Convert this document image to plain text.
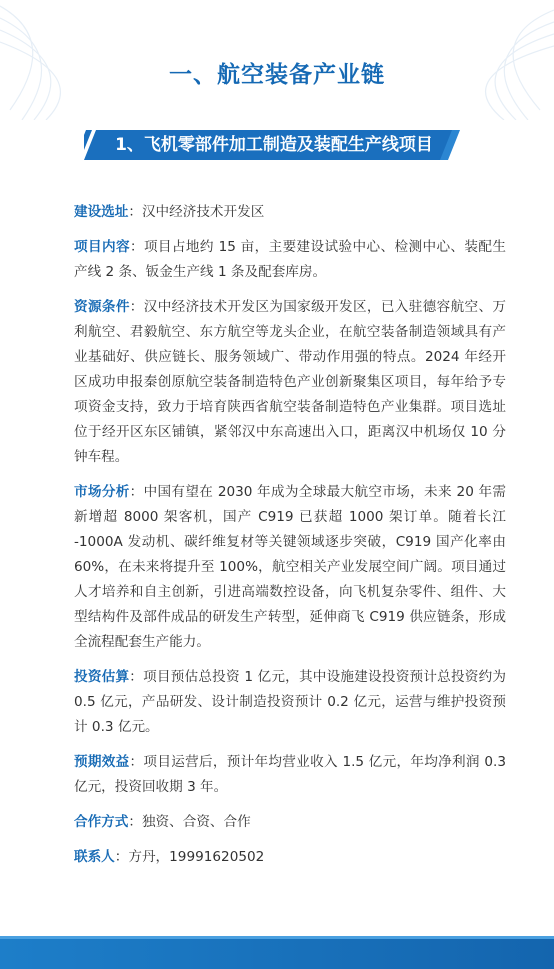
一、航空装备产业链
1、飞机零部件加工制造及装配生产线项目

建设选址：汉中经济技术开发区

项目内容：项目占地约 15 亩，主要建设试验中心、检测中心、装配生产线 2 条、钣金生产线 1 条及配套库房。

资源条件：汉中经济技术开发区为国家级开发区，已入驻德容航空、万利航空、君毅航空、东方航空等龙头企业，在航空装备制造领域具有产业基础好、供应链长、服务领域广、带动作用强的特点。2024 年经开区成功申报秦创原航空装备制造特色产业创新聚集区项目，每年给予专项资金支持，致力于培育陕西省航空装备制造特色产业集群。项目选址位于经开区东区铺镇，紧邻汉中东高速出入口，距离汉中机场仅 10 分钟车程。

市场分析：中国有望在 2030 年成为全球最大航空市场，未来 20 年需新增超 8000 架客机，国产 C919 已获超 1000 架订单。随着长江 -1000A 发动机、碳纤维复材等关键领域逐步突破，C919 国产化率由 60%，在未来将提升至 100%，航空相关产业发展空间广阔。项目通过人才培养和自主创新，引进高端数控设备，向飞机复杂零件、组件、大型结构件及部件成品的研发生产转型，延伸商飞 C919 供应链条，形成全流程配套生产能力。

投资估算：项目预估总投资 1 亿元，其中设施建设投资预计总投资约为 0.5 亿元，产品研发、设计制造投资预计 0.2 亿元，运营与维护投资预计 0.3 亿元。

预期效益：项目运营后，预计年均营业收入 1.5 亿元，年均净利润 0.3 亿元，投资回收期 3 年。

合作方式：独资、合资、合作

联系人：方丹，19991620502
